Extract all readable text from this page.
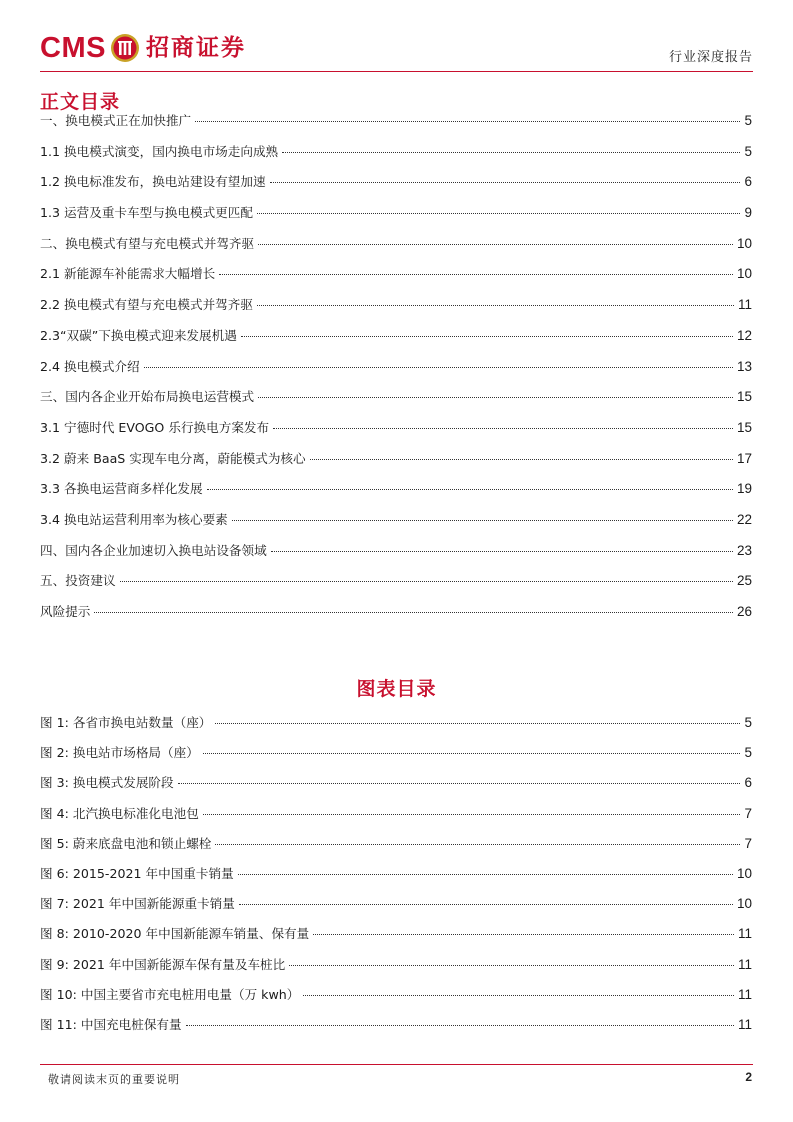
CMS 招商证券	行业深度报告
正文目录
一、换电模式正在加快推广	5
1.1 换电模式演变，国内换电市场走向成熟	5
1.2 换电标准发布，换电站建设有望加速	6
1.3 运营及重卡车型与换电模式更匹配	9
二、换电模式有望与充电模式并驾齐驱	10
2.1 新能源车补能需求大幅增长	10
2.2 换电模式有望与充电模式并驾齐驱	11
2.3“双碳”下换电模式迎来发展机遇	12
2.4 换电模式介绍	13
三、国内各企业开始布局换电运营模式	15
3.1 宁德时代 EVOGO 乐行换电方案发布	15
3.2 蔚来 BaaS 实现车电分离，蔚能模式为核心	17
3.3 各换电运营商多样化发展	19
3.4 换电站运营利用率为核心要素	22
四、国内各企业加速切入换电站设备领域	23
五、投资建议	25
风险提示	26
图表目录
图 1: 各省市换电站数量（座）	5
图 2: 换电站市场格局（座）	5
图 3: 换电模式发展阶段	6
图 4: 北汽换电标准化电池包	7
图 5: 蔚来底盘电池和锁止螺栓	7
图 6: 2015-2021 年中国重卡销量	10
图 7: 2021 年中国新能源重卡销量	10
图 8: 2010-2020 年中国新能源车销量、保有量	11
图 9: 2021 年中国新能源车保有量及车桩比	11
图 10: 中国主要省市充电桩用电量（万 kwh）	11
图 11: 中国充电桩保有量	11
敬请阅读末页的重要说明	2
